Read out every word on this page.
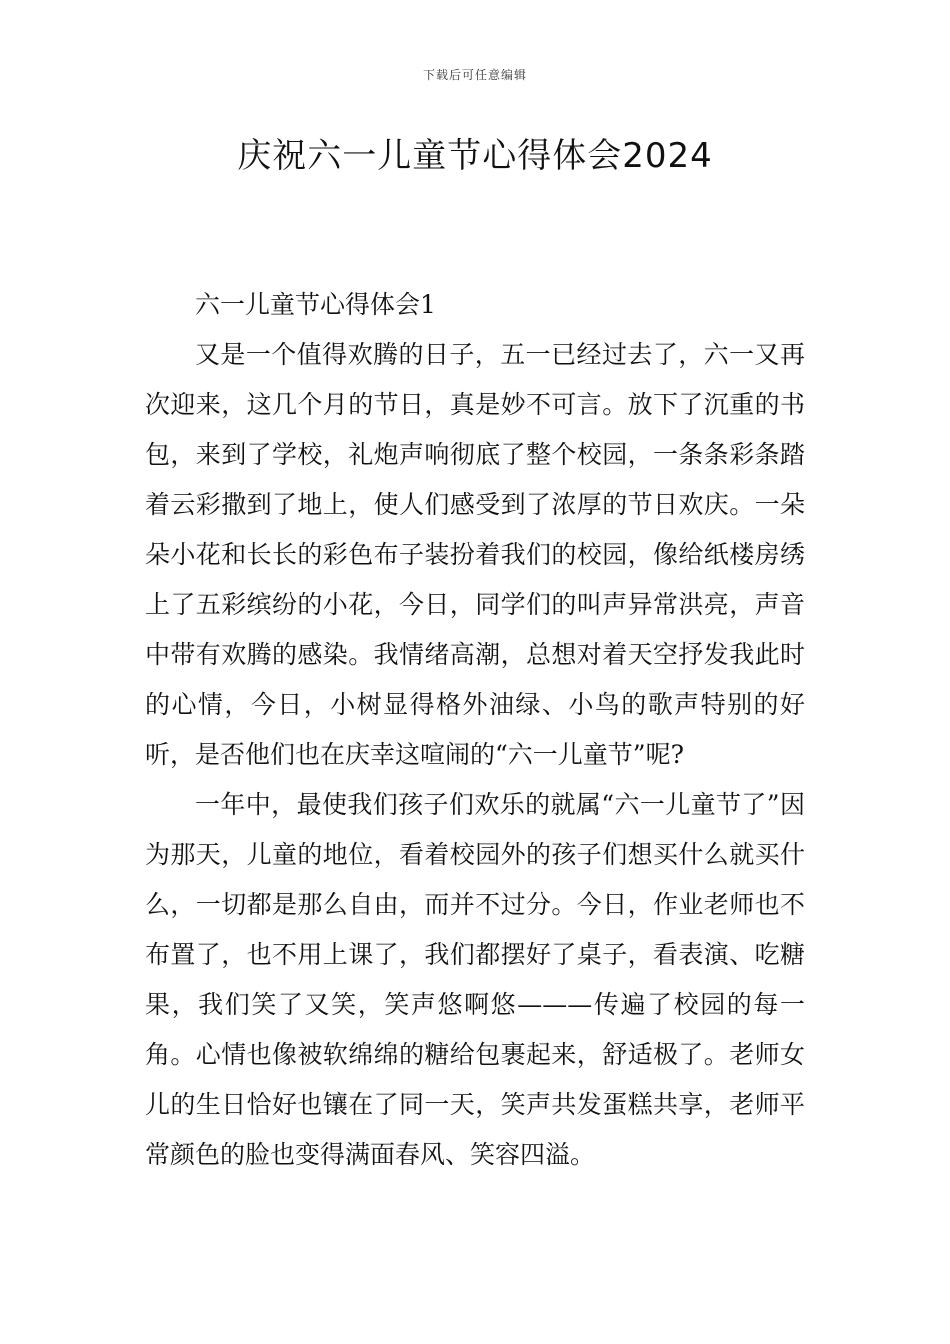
下载后可任意编辑
庆祝六一儿童节心得体会2024

六一儿童节心得体会1

又是一个值得欢腾的日子，五一已经过去了，六一又再次迎来，这几个月的节日，真是妙不可言。放下了沉重的书包，来到了学校，礼炮声响彻底了整个校园，一条条彩条踏着云彩撒到了地上，使人们感受到了浓厚的节日欢庆。一朵朵小花和长长的彩色布子装扮着我们的校园，像给纸楼房绣上了五彩缤纷的小花，今日，同学们的叫声异常洪亮，声音中带有欢腾的感染。我情绪高潮，总想对着天空抒发我此时的心情，今日，小树显得格外油绿、小鸟的歌声特别的好听，是否他们也在庆幸这喧闹的“六一儿童节”呢?

一年中，最使我们孩子们欢乐的就属“六一儿童节了”因为那天，儿童的地位，看着校园外的孩子们想买什么就买什么，一切都是那么自由，而并不过分。今日，作业老师也不布置了，也不用上课了，我们都摆好了桌子，看表演、吃糖果，我们笑了又笑，笑声悠啊悠———传遍了校园的每一角。心情也像被软绵绵的糖给包裹起来，舒适极了。老师女儿的生日恰好也镶在了同一天，笑声共发蛋糕共享，老师平常颜色的脸也变得满面春风、笑容四溢。
